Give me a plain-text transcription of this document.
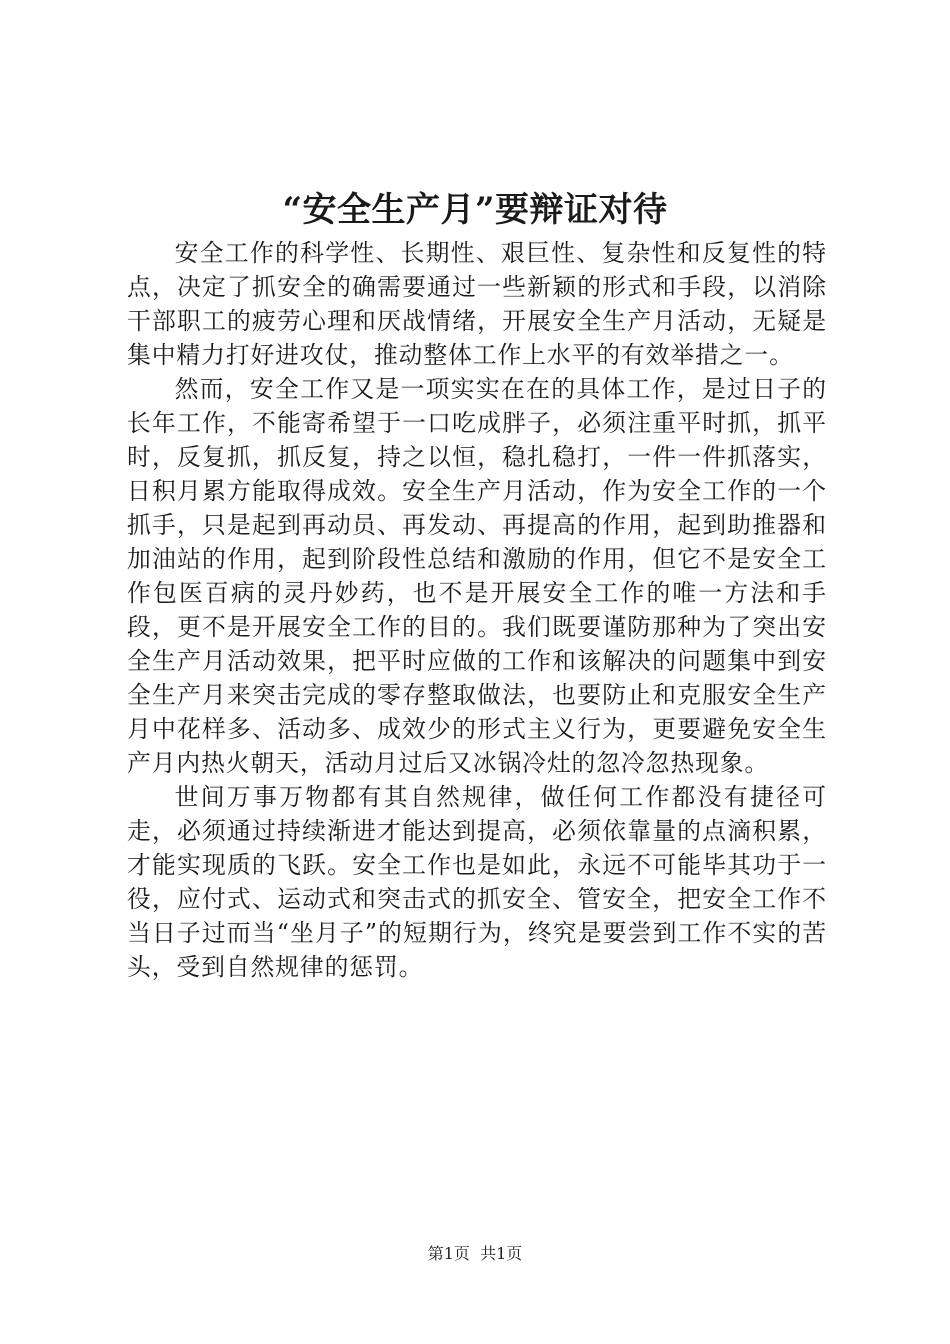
“安全生产月”要辩证对待

安全工作的科学性、长期性、艰巨性、复杂性和反复性的特点，决定了抓安全的确需要通过一些新颖的形式和手段，以消除干部职工的疲劳心理和厌战情绪，开展安全生产月活动，无疑是集中精力打好进攻仗，推动整体工作上水平的有效举措之一。

然而，安全工作又是一项实实在在的具体工作，是过日子的长年工作，不能寄希望于一口吃成胖子，必须注重平时抓，抓平时，反复抓，抓反复，持之以恒，稳扎稳打，一件一件抓落实，日积月累方能取得成效。安全生产月活动，作为安全工作的一个抓手，只是起到再动员、再发动、再提高的作用，起到助推器和加油站的作用，起到阶段性总结和激励的作用，但它不是安全工作包医百病的灵丹妙药，也不是开展安全工作的唯一方法和手段，更不是开展安全工作的目的。我们既要谨防那种为了突出安全生产月活动效果，把平时应做的工作和该解决的问题集中到安全生产月来突击完成的零存整取做法，也要防止和克服安全生产月中花样多、活动多、成效少的形式主义行为，更要避免安全生产月内热火朝天，活动月过后又冰锅冷灶的忽冷忽热现象。

世间万事万物都有其自然规律，做任何工作都没有捷径可走，必须通过持续渐进才能达到提高，必须依靠量的点滴积累，才能实现质的飞跃。安全工作也是如此，永远不可能毕其功于一役，应付式、运动式和突击式的抓安全、管安全，把安全工作不当日子过而当“坐月子”的短期行为，终究是要尝到工作不实的苦头，受到自然规律的惩罚。

第1页  共1页
